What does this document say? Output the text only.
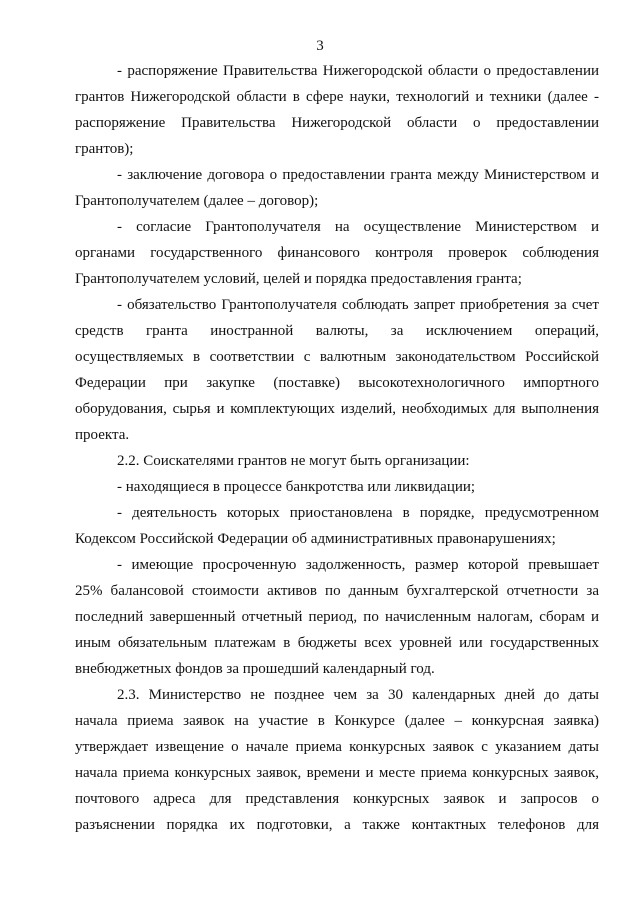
3
- распоряжение Правительства Нижегородской области о предоставлении
грантов Нижегородской области в сфере науки, технологий и техники (далее -
распоряжение Правительства Нижегородской области о предоставлении
грантов);
- заключение договора о предоставлении гранта между Министерством и
Грантополучателем (далее – договор);
- согласие Грантополучателя на осуществление Министерством и
органами государственного финансового контроля проверок соблюдения
Грантополучателем условий, целей и порядка предоставления гранта;
- обязательство Грантополучателя соблюдать запрет приобретения за счет
средств гранта иностранной валюты, за исключением операций,
осуществляемых в соответствии с валютным законодательством Российской
Федерации при закупке (поставке) высокотехнологичного импортного
оборудования, сырья и комплектующих изделий, необходимых для выполнения
проекта.
2.2. Соискателями грантов не могут быть организации:
- находящиеся в процессе банкротства или ликвидации;
- деятельность которых приостановлена в порядке, предусмотренном
Кодексом Российской Федерации об административных правонарушениях;
- имеющие просроченную задолженность, размер которой превышает
25% балансовой стоимости активов по данным бухгалтерской отчетности за
последний завершенный отчетный период, по начисленным налогам, сборам и
иным обязательным платежам в бюджеты всех уровней или государственных
внебюджетных фондов за прошедший календарный год.
2.3. Министерство не позднее чем за 30 календарных дней до даты
начала приема заявок на участие в Конкурсе (далее – конкурсная заявка)
утверждает извещение о начале приема конкурсных заявок с указанием даты
начала приема конкурсных заявок, времени и месте приема конкурсных заявок,
почтового адреса для представления конкурсных заявок и запросов о
разъяснении порядка их подготовки, а также контактных телефонов для
